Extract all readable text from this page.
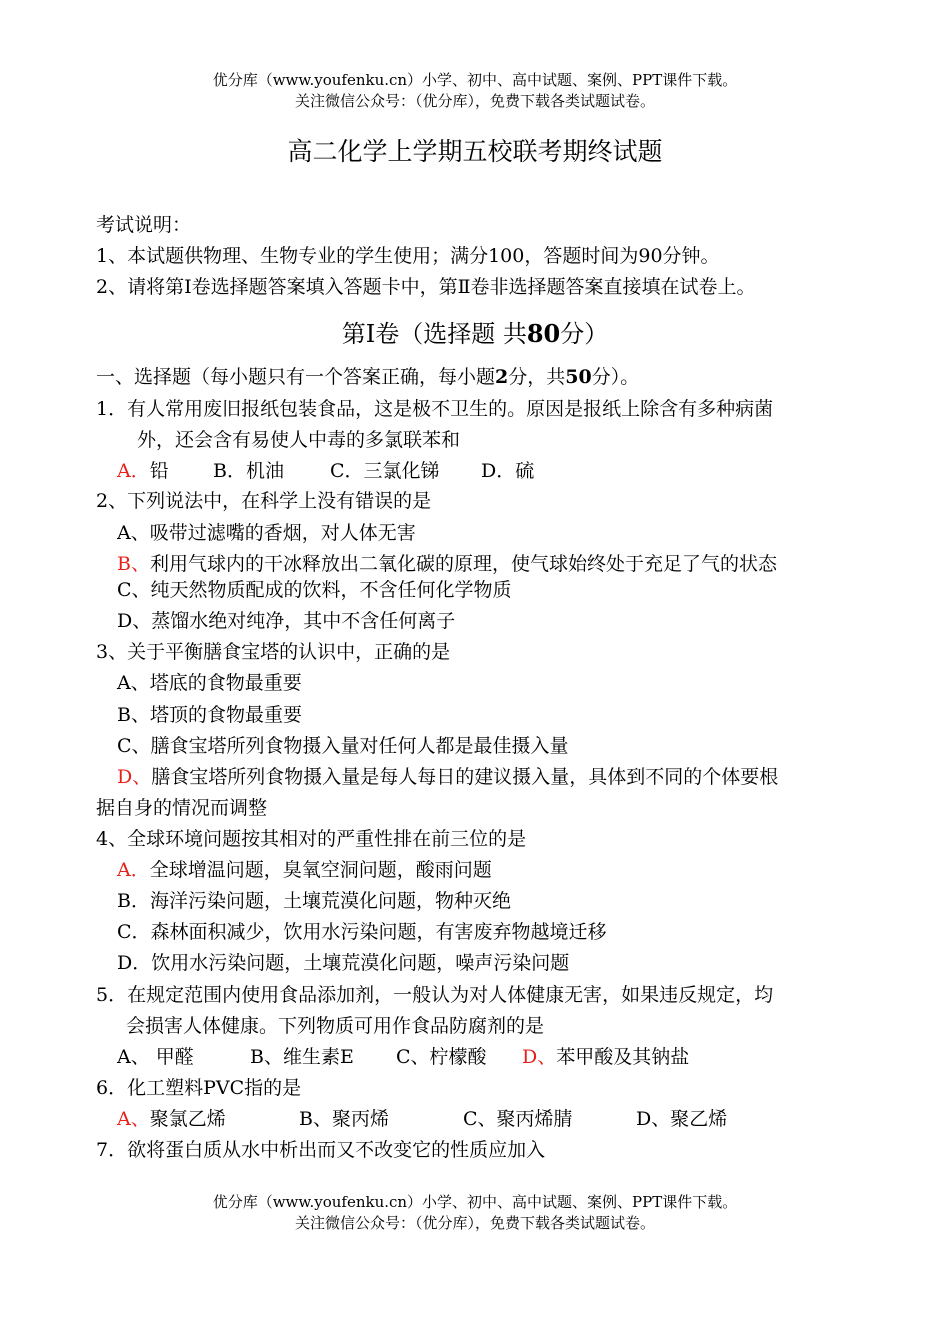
优分库（www.youfenku.cn）小学、初中、高中试题、案例、PPT课件下载。
关注微信公众号：（优分库），免费下载各类试题试卷。
高二化学上学期五校联考期终试题
考试说明：
1、本试题供物理、生物专业的学生使用；满分100，答题时间为90分钟。
2、请将第Ⅰ卷选择题答案填入答题卡中，第Ⅱ卷非选择题答案直接填在试卷上。
第Ⅰ卷（选择题 共80分）
一、选择题（每小题只有一个答案正确，每小题2分，共50分）。
1．有人常用废旧报纸包装食品，这是极不卫生的。原因是报纸上除含有多种病菌
外，还会含有易使人中毒的多氯联苯和
A．铅 B．机油 C．三氯化锑 D．硫
2、下列说法中，在科学上没有错误的是
A、吸带过滤嘴的香烟，对人体无害
B、利用气球内的干冰释放出二氧化碳的原理，使气球始终处于充足了气的状态
C、纯天然物质配成的饮料，不含任何化学物质
D、蒸馏水绝对纯净，其中不含任何离子
3、关于平衡膳食宝塔的认识中，正确的是
A、塔底的食物最重要
B、塔顶的食物最重要
C、膳食宝塔所列食物摄入量对任何人都是最佳摄入量
D、膳食宝塔所列食物摄入量是每人每日的建议摄入量，具体到不同的个体要根
据自身的情况而调整
4、全球环境问题按其相对的严重性排在前三位的是
A．全球增温问题，臭氧空洞问题，酸雨问题
B．海洋污染问题，土壤荒漠化问题，物种灭绝
C．森林面积减少，饮用水污染问题，有害废弃物越境迁移
D．饮用水污染问题，土壤荒漠化问题，噪声污染问题
5．在规定范围内使用食品添加剂，一般认为对人体健康无害，如果违反规定，均
会损害人体健康。下列物质可用作食品防腐剂的是
A、 甲醛	B、维生素E C、柠檬酸 D、苯甲酸及其钠盐
6．化工塑料PVC指的是
A、聚氯乙烯	B、聚丙烯	C、聚丙烯腈	D、聚乙烯
7．欲将蛋白质从水中析出而又不改变它的性质应加入
优分库（www.youfenku.cn）小学、初中、高中试题、案例、PPT课件下载。
关注微信公众号：（优分库），免费下载各类试题试卷。
